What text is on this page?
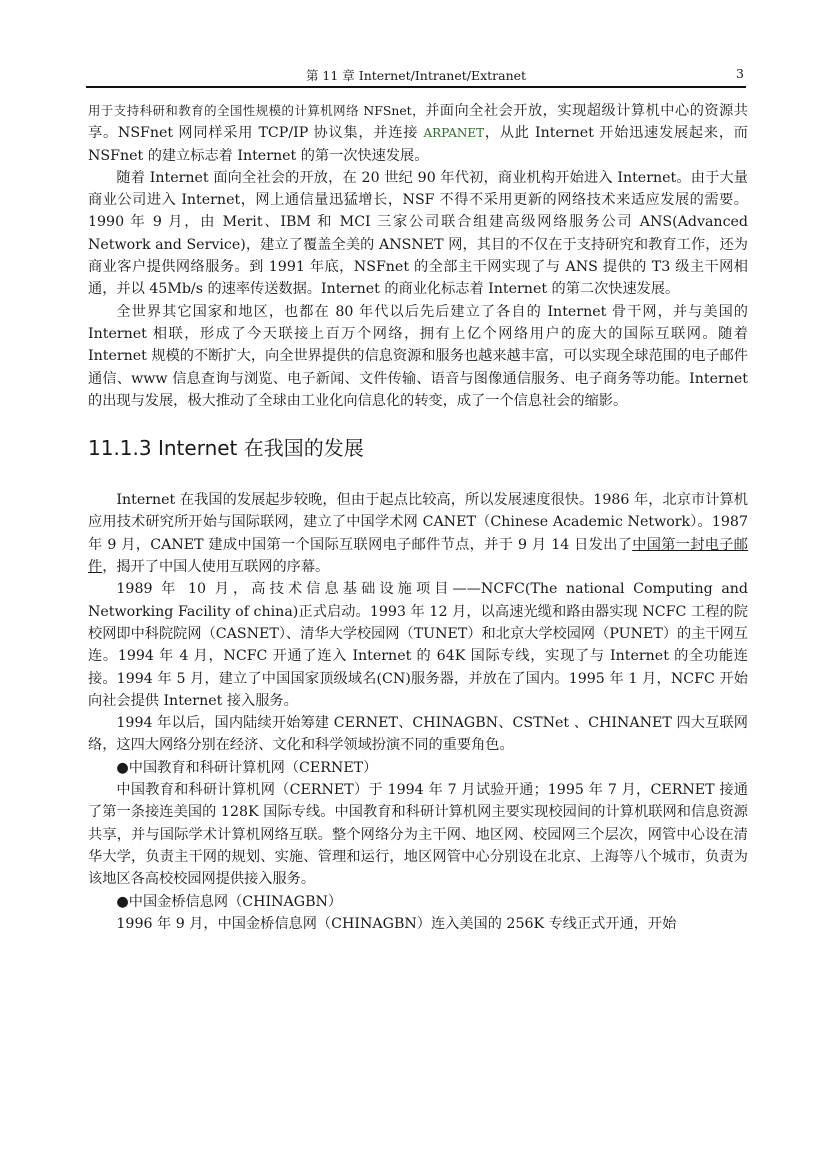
第 11 章 Internet/Intranet/Extranet	3

用于支持科研和教育的全国性规模的计算机网络 NFSnet，并面向全社会开放，实现超级计算机中心的资源共享。NSFnet 网同样采用 TCP/IP 协议集，并连接 ARPANET，从此 Internet 开始迅速发展起来，而 NSFnet 的建立标志着 Internet 的第一次快速发展。

随着 Internet 面向全社会的开放，在 20 世纪 90 年代初，商业机构开始进入 Internet。由于大量商业公司进入 Internet，网上通信量迅猛增长，NSF 不得不采用更新的网络技术来适应发展的需要。1990 年 9 月，由 Merit、IBM 和 MCI 三家公司联合组建高级网络服务公司 ANS(Advanced Network and Service)，建立了覆盖全美的 ANSNET 网，其目的不仅在于支持研究和教育工作，还为商业客户提供网络服务。到 1991 年底，NSFnet 的全部主干网实现了与 ANS 提供的 T3 级主干网相通，并以 45Mb/s 的速率传送数据。Internet 的商业化标志着 Internet 的第二次快速发展。

全世界其它国家和地区，也都在 80 年代以后先后建立了各自的 Internet 骨干网，并与美国的 Internet 相联，形成了今天联接上百万个网络，拥有上亿个网络用户的庞大的国际互联网。随着 Internet 规模的不断扩大，向全世界提供的信息资源和服务也越来越丰富，可以实现全球范围的电子邮件通信、www 信息查询与浏览、电子新闻、文件传输、语音与图像通信服务、电子商务等功能。Internet 的出现与发展，极大推动了全球由工业化向信息化的转变，成了一个信息社会的缩影。

11.1.3 Internet 在我国的发展

Internet 在我国的发展起步较晚，但由于起点比较高，所以发展速度很快。1986 年，北京市计算机应用技术研究所开始与国际联网，建立了中国学术网 CANET（Chinese Academic Network）。1987 年 9 月，CANET 建成中国第一个国际互联网电子邮件节点，并于 9 月 14 日发出了中国第一封电子邮件，揭开了中国人使用互联网的序幕。

1989 年 10 月，高技术信息基础设施项目——NCFC(The national Computing and Networking Facility of china)正式启动。1993 年 12 月，以高速光缆和路由器实现 NCFC 工程的院校网即中科院院网（CASNET）、清华大学校园网（TUNET）和北京大学校园网（PUNET）的主干网互连。1994 年 4 月，NCFC 开通了连入 Internet 的 64K 国际专线，实现了与 Internet 的全功能连接。1994 年 5 月，建立了中国国家顶级域名(CN)服务器，并放在了国内。1995 年 1 月，NCFC 开始向社会提供 Internet 接入服务。

1994 年以后，国内陆续开始筹建 CERNET、CHINAGBN、CSTNet 、CHINANET 四大互联网络，这四大网络分别在经济、文化和科学领域扮演不同的重要角色。

●中国教育和科研计算机网（CERNET）

中国教育和科研计算机网（CERNET）于 1994 年 7 月试验开通；1995 年 7 月，CERNET 接通了第一条接连美国的 128K 国际专线。中国教育和科研计算机网主要实现校园间的计算机联网和信息资源共享，并与国际学术计算机网络互联。整个网络分为主干网、地区网、校园网三个层次，网管中心设在清华大学，负责主干网的规划、实施、管理和运行，地区网管中心分别设在北京、上海等八个城市，负责为该地区各高校校园网提供接入服务。

●中国金桥信息网（CHINAGBN）

1996 年 9 月，中国金桥信息网（CHINAGBN）连入美国的 256K 专线正式开通，开始
